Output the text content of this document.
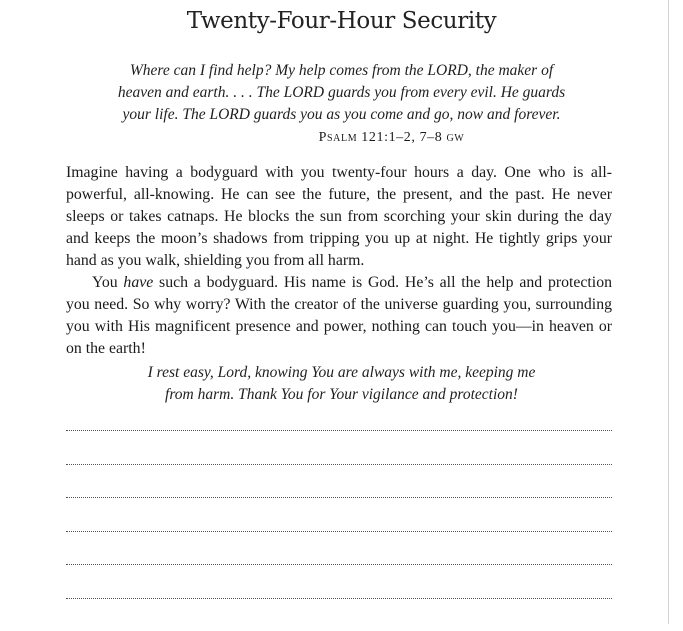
Twenty-Four-Hour Security
Where can I find help? My help comes from the LORD, the maker of
heaven and earth. . . . The LORD guards you from every evil. He guards
your life. The LORD guards you as you come and go, now and forever.
Psalm 121:1–2, 7–8 gw

Imagine having a bodyguard with you twenty-four hours a day. One who is all-powerful, all-knowing. He can see the future, the present, and the past. He never sleeps or takes catnaps. He blocks the sun from scorching your skin during the day and keeps the moon’s shadows from tripping you up at night. He tightly grips your hand as you walk, shielding you from all harm.

You have such a bodyguard. His name is God. He’s all the help and protection you need. So why worry? With the creator of the universe guarding you, surrounding you with His magnificent presence and power, nothing can touch you—in heaven or on the earth!

I rest easy, Lord, knowing You are always with me, keeping me
from harm. Thank You for Your vigilance and protection!
